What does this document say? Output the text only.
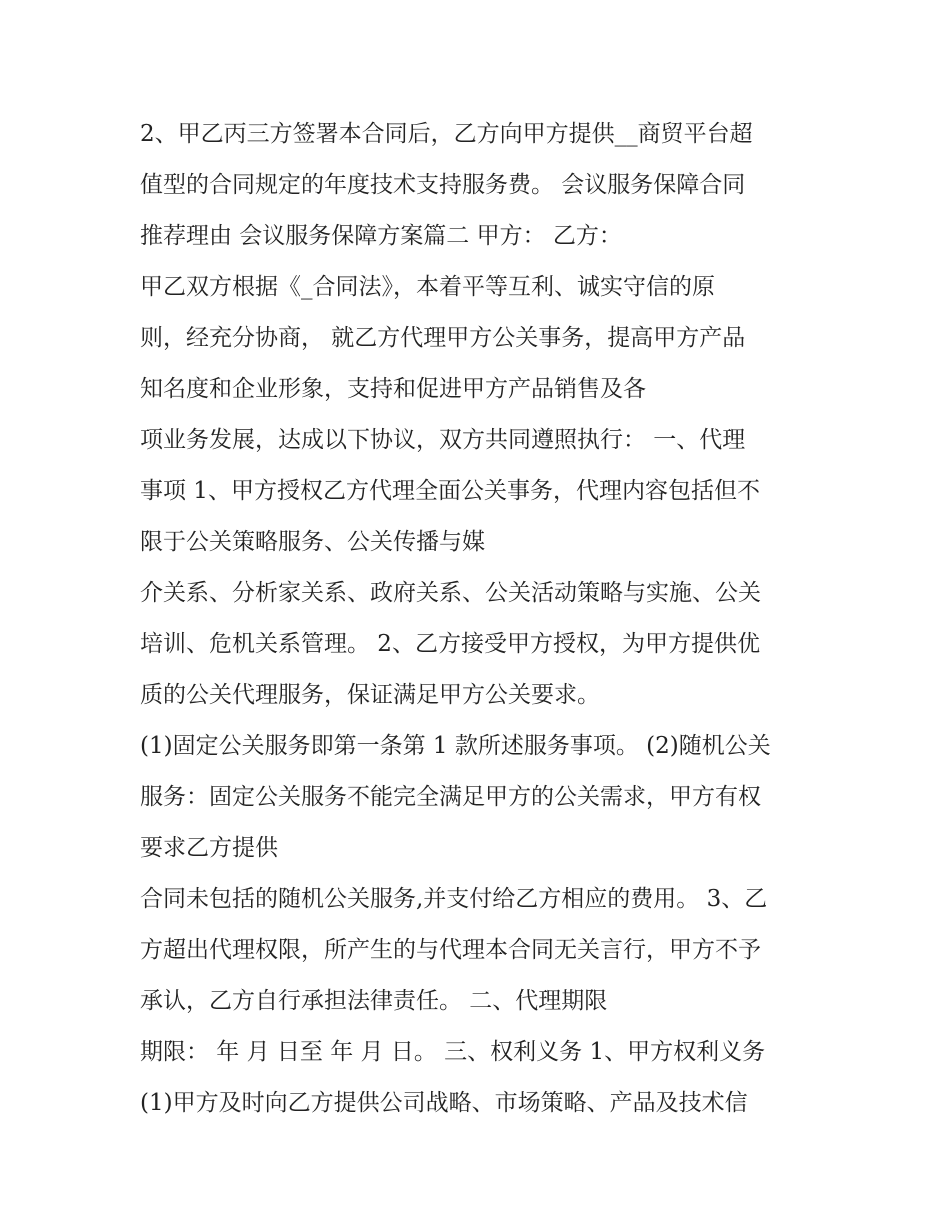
2、甲乙丙三方签署本合同后，乙方向甲方提供__商贸平台超

值型的合同规定的年度技术支持服务费。 会议服务保障合同

推荐理由 会议服务保障方案篇二 甲方： 乙方：

甲乙双方根据《_合同法》，本着平等互利、诚实守信的原

则，经充分协商， 就乙方代理甲方公关事务，提高甲方产品

知名度和企业形象，支持和促进甲方产品销售及各

项业务发展，达成以下协议，双方共同遵照执行： 一、代理

事项 1、甲方授权乙方代理全面公关事务，代理内容包括但不

限于公关策略服务、公关传播与媒

介关系、分析家关系、政府关系、公关活动策略与实施、公关

培训、危机关系管理。 2、乙方接受甲方授权，为甲方提供优

质的公关代理服务，保证满足甲方公关要求。

(1)固定公关服务即第一条第 1 款所述服务事项。 (2)随机公关

服务：固定公关服务不能完全满足甲方的公关需求，甲方有权

要求乙方提供

合同未包括的随机公关服务,并支付给乙方相应的费用。 3、乙

方超出代理权限，所产生的与代理本合同无关言行，甲方不予

承认，乙方自行承担法律责任。 二、代理期限

期限： 年 月 日至 年 月 日。 三、权利义务 1、甲方权利义务

(1)甲方及时向乙方提供公司战略、市场策略、产品及技术信
